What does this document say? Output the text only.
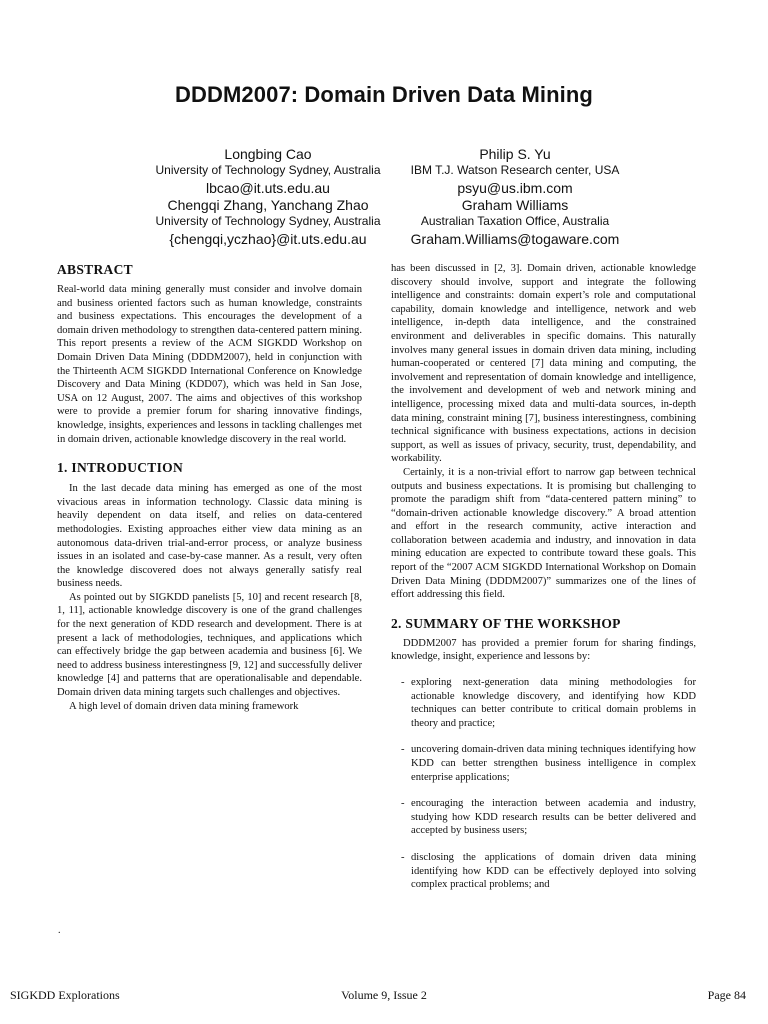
DDDM2007: Domain Driven Data Mining
Longbing Cao
University of Technology Sydney, Australia
lbcao@it.uts.edu.au
Philip S. Yu
IBM T.J. Watson Research center, USA
psyu@us.ibm.com
Chengqi Zhang, Yanchang Zhao
University of Technology Sydney, Australia
{chengqi,yczhao}@it.uts.edu.au
Graham Williams
Australian Taxation Office, Australia
Graham.Williams@togaware.com
ABSTRACT

Real-world data mining generally must consider and involve domain and business oriented factors such as human knowledge, constraints and business expectations. This encourages the development of a domain driven methodology to strengthen data-centered pattern mining. This report presents a review of the ACM SIGKDD Workshop on Domain Driven Data Mining (DDDM2007), held in conjunction with the Thirteenth ACM SIGKDD International Conference on Knowledge Discovery and Data Mining (KDD07), which was held in San Jose, USA on 12 August, 2007. The aims and objectives of this workshop were to provide a premier forum for sharing innovative findings, knowledge, insights, experiences and lessons in tackling challenges met in domain driven, actionable knowledge discovery in the real world.

1. INTRODUCTION

In the last decade data mining has emerged as one of the most vivacious areas in information technology. Classic data mining is heavily dependent on data itself, and relies on data-centered methodologies. Existing approaches either view data mining as an autonomous data-driven trial-and-error process, or analyze business issues in an isolated and case-by-case manner. As a result, very often the knowledge discovered does not always generally satisfy real business needs.

As pointed out by SIGKDD panelists [5, 10] and recent research [8, 1, 11], actionable knowledge discovery is one of the grand challenges for the next generation of KDD research and development. There is at present a lack of methodologies, techniques, and applications which can effectively bridge the gap between academia and business [6]. We need to address business interestingness [9, 12] and successfully deliver knowledge [4] and patterns that are operationalisable and dependable. Domain driven data mining targets such challenges and objectives.

A high level of domain driven data mining framework

has been discussed in [2, 3]. Domain driven, actionable knowledge discovery should involve, support and integrate the following intelligence and constraints: domain expert’s role and computational capability, domain knowledge and intelligence, network and web intelligence, in-depth data intelligence, and the constrained environment and deliverables in specific domains. This naturally involves many general issues in domain driven data mining, including human-cooperated or centered [7] data mining and computing, the involvement and representation of domain knowledge and intelligence, the involvement and development of web and network mining and intelligence, processing mixed data and multi-data sources, in-depth data mining, constraint mining [7], business interestingness, combining technical significance with business expectations, actions in decision support, as well as issues of privacy, security, trust, dependability, and workability.

Certainly, it is a non-trivial effort to narrow gap between technical outputs and business expectations. It is promising but challenging to promote the paradigm shift from “data-centered pattern mining” to “domain-driven actionable knowledge discovery.” A broad attention and effort in the research community, active interaction and collaboration between academia and industry, and innovation in data mining education are expected to contribute toward these goals. This report of the “2007 ACM SIGKDD International Workshop on Domain Driven Data Mining (DDDM2007)” summarizes one of the lines of effort addressing this field.

2. SUMMARY OF THE WORKSHOP

DDDM2007 has provided a premier forum for sharing findings, knowledge, insight, experience and lessons by:

- exploring next-generation data mining methodologies for actionable knowledge discovery, and identifying how KDD techniques can better contribute to critical domain problems in theory and practice;
- uncovering domain-driven data mining techniques identifying how KDD can better strengthen business intelligence in complex enterprise applications;
- encouraging the interaction between academia and industry, studying how KDD research results can be better delivered and accepted by business users;
- disclosing the applications of domain driven data mining identifying how KDD can be effectively deployed into solving complex practical problems; and
.
SIGKDD Explorations	Volume 9, Issue 2	Page 84
